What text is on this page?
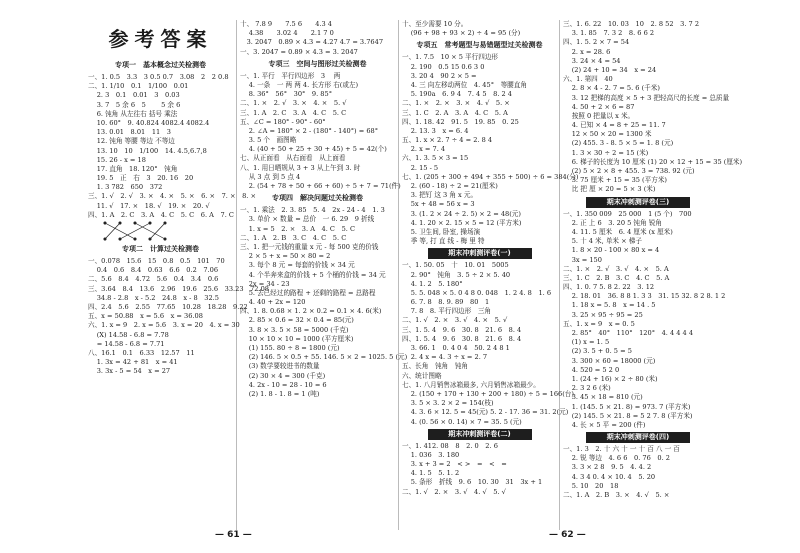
参考答案
专项一　基本概念过关检测卷
一、1. 0.5　3.3　3 0.5 0.7　3.08　2　2 0.8
二、1. 1/10　0.1　1/100　0.01
　 2. 3　0.1　0.01　3　0.03
　 3. 7　5 余 6　5 　　5 余 6
　 6. 钝角 从左往右 括号 乘法
　 10. 60°　9. 40.824 4082.4 4082.4
　 13. 0.01　8.01　11　3
　 12. 钝角 等腰 等边 不等边
　 13. 10　10　1/100　14. 4.5,6.7,8
　 15. 26 - x = 18
　 17. 直角　18. 120°　钝角
　 19. 5　正　右　3　20. 16　20
　 1. 3 782　650　372
三、1. √　2. √　3. ×　4. ×　5. ×　6. ×　7. ×　8. ×
　 11. √　17. ×　18. √　19. ×　20. √
四、1. A　2. C　3. A　4. C　5. C　6. A　7. C
专项二　计算过关检测卷
一、0.078　15.6　15　0.8　0.5　101　70
　 0.4　0.6　8.4　0.63　6.6　0.2　7.06
二、5.6　8.4　4.72　5.6　0.4　3.4　0.6
三、3.64　8.4　13.6　2.96　19.6　25.6　33.23　72.08
　 34.8 - 2.8　x - 5.2　24.8　x - 8　32.5
四、2.4　5.6　2.55　77.65　10.28　18.28　9.22
五、x = 50.88　x = 5.6　x = 36.08
六、1. x = 9　2. x = 5.6　3. x = 20　4. x = 30
　 (X) 14.58 - 6.8 = 7.78
　 = 14.58 - 6.8 = 7.71
八、16.1　0.1　6.33　12.57　11
　 1. 3x = 42 + 81　x = 41
　 3. 3x - 5 = 54　x = 27
十、 7.8 9　　7.5 6　　4.3 4
　 4.38　　3.02 4　　2.1 7 0
　3. 2047　0.89 × 4.3 = 4.27 4.7 = 3.7647
一、3. 2047 = 0.89 × 4.3 = 3. 2047
专项三　空间与图形过关检测卷
一、1. 平行　平行四边形　3 　两
　 4. 一条　一 两 两 4. 长方形 右(或左)
　 8. 36°　56°　30°　9. 85°
二、1. ×　2. √　3. ×　4. ×　5. √
三、1. A　2. C　3. A　4. C　5. C
五、∠C = 180° - 90° - 60°
　 2. ∠A = 180° × 2 - (180° - 140°) = 68°
　 3. 5 个　画图略
　 4. (40 + 50 + 25 + 30 + 45) + 5 = 42(个)
七、从正面看　从右面看　从上面看
八、1. 用日晒规从 3 + 3 从上午到 3. 时
　 从 3 点 到 5 点 4
　 2. (54 + 78 + 50 + 66 + 60) ÷ 5 + 7 = 71(件)
专项四　解决问题过关检测卷
一、1. 乘法　2. 3. 85　5. 4　2x - 24 - 4　1. 3
　 3. 单价 × 数量 = 总价　一 6. 29　9 折线
　 1. x = 5　2. ×　3. A　4. C　5. C
二、1. A　2. B　3. C　4. C　5. C
三、1. 把一元钱的重量 x 元 - 每 500 克的价钱
　 2 × 5 + x = 50 × 80 = 2
　 3. 每个 8 元 = 每套的价钱 × 34 元
　 4. 个半奔来盒的价钱 + 5 个桶的价钱 = 34 元
　 2x = 34 - 23
　 5. 去已经过的路程 + 还剩的路程 = 总路程
　 4. 40 + 2x = 120
四、1. 8. 0.68 × 1. 2 × 0.2 = 0.1 × 4. 6(米)
　 2. 85 × 0.6 = 32 × 0.4 = 85(元)
　 3. 8 × 3. 5 × 58 = 5000 (千克)
　 10 × 10 × 10 = 1000 (平方厘米)
　 (1) 155. 80 ÷ 8 = 1800 (元)
　 (2) 146. 5 × 0.5 + 55. 146. 5 × 2 = 1025. 5 (元)
　 (3) 数学要较进书的数量
　 (2) 30 × 4 = 300 (千克)
　 4. 2x - 10 = 28 - 10 = 6
　 (2) 1. 8 - 1. 8 = 1 (吨)
十、至少需要 10 分。
　 (96 + 98 + 93 × 2) ÷ 4 = 95 (分)
专项五　常考题型与易错题型过关检测卷
一、1. 7.5　10 × 5 平行四边形
　 2. 190　0.5 15 0.6 3 0
　 3. 20 4　90 2 × 5 =
　 4. 三 向左移动两位　4. 45°　等腰直角
　 5. 190a　6. 9 4　7. 4 5　8. 2 4
二、1. ×　2. ×　3. ×　4. √　5. ×
三、1. C　2. A　3. A　4. C　5. A
四、1. 18. 42　91. 5　19. 85　0. 25
　 2. 13. 3　x = 6. 4
五、1. x × 2. 7 ÷ 4 = 2. 8 4
　 2. x = 7. 4
六、1. 3. 5 × 3 = 15
　 2. 15 - 5
七、1. (205 + 300 + 494 + 355 + 500) ÷ 6 = 384(分)
　 2. (60 - 18) ÷ 2 = 21(厘米)
　 3. 把钉 这 3 角 x 元。
　 5x + 48 = 56 x = 3
　 3. (1. 2 × 24 ÷ 2. 5) × 2 = 48(元)
　 4. 1. 20 × 2. 15 × 5 = 12 (平方米)
　 5. 卫生间, 卧室, 操场演
　 季 等, 打 直 线 - 梅 里 特
期末冲刺测评卷(一)
一、1. 50. 05　十　10. 01　5005
　 2. 90°　钝角　3. 5 ÷ 2 × 5. 40
　 4. 1. 2　5. 180°
　 5. 5. 048 × 5. 0 4 8 0. 048　1. 2 4. 8　1. 6
　 6. 7. 8　8. 9. 89　80　1
　 7. 8　8. 平行四边形　三角
二、1. √　2. ×　3. √　4. ×　5. √
三、1. 5. 4　9. 6　30. 8　21. 6　8. 4
四、1. 5. 4　9. 6　30. 8　21. 6　8. 4
　 3. 66. 1　0. 4 0 4　50. 2 4 8 1
　 2. 4 x = 4. 3 ÷ x = 2. 7
五、长角　钝角　钝角
六、统计图略
七、1. 八月销售冰箱最多, 六月销售冰箱最少。
　 2. (150 + 170 + 130 + 200 + 180) ÷ 5 = 166(台)
　 3. 5 × 3. 2 × 2 = 154(枝)
　 4. 3. 6 × 12. 5 = 45(元) 5. 2 - 17. 36 = 31. 2(元)
　 4. (0. 56 × 0. 14) × 7 = 35. 5 (元)
期末冲刺测评卷(二)
一、1. 412. 08　8　2. 0　2. 6
　 1. 036　3. 180
　 3. x + 3 = 2　< >　=　<　=
　 4. 1. 5　5. 1. 2
　 5. 条形　折线　9. 6　10. 30　31　3x + 1
二、1. √　2. ×　3. √　4. √　5. √
三、1. 6. 22　10. 03　10　2. 8 52　3. 7 2
　 3. 1. 85　7. 3 2　8. 6 6 2
四、1. 5. 2 × 7 = 54
　 2. x = 28. 6
　 3. 24 × 4 = 54
　 (2) 24 + 10 = 34　x = 24
六、1. 第四　40
　 2. 8 × 4 - 2. 7 = 5. 6 (千米)
　 3. 12 把梯的高度 × 5 + 3 把轻高尺的长度 = 总质量
　 4. 50 + 2 × 6 = 87
　 按照 0 把量以 x 米。
　 4. 已知 × 4 = 8 + 25 = 11. 7
　 12 × 50 × 20 = 1300 米
　 (2) 455. 3 - 8. 5 × 5 = 1. 8 (元)
　 1. 3 × 30 ÷ 2 = 15 (米)
　 6. 梯子的长度为 10 厘米 (1) 20 × 12 + 15 = 35 (厘米)
　 (2) 5 × 2 × 8 + 455. 3 = 738. 92 (元)
　 3. 75 厘米 + 15 = 35 (平方米)
　 比 把 厘 × 20 = 5 × 3 (米)
期末冲刺测评卷(三)
一、1. 350 009　25 000　1 (5 个)　700
　 2. 正 上 6　3. 20 5 钝角 锐角
　 4. 11. 5 厘米　6. 4 厘米 (x 厘米)
　 5. 十 4 米, 单米 × 梯子
　 1. 8 × 20 - 100 × 80 x = 4
　 3x = 150
二、1. ×　2. √　3. √　4. ×　5. A
三、1. C　2. B　3. C　4. C　5. A
四、1. 0. 7 5. 8 2. 22　3. 12
　 2. 18. 01　36. 8 8 1. 3 3　31. 15 32. 8 2 8. 1 2
　 1. 18 x = 5. 8　x = 14 . 5
　 3. 25 × 95 ÷ 95 = 25
五、1. x = 9　x = 0. 5
　 2. 85°　40°　110°　120°　4. 4 4 4 4
　 (1) x = 1. 5
　 (2) 3. 5 + 0. 5 = 5
　 3. 300 × 60 = 18000 (元)
　 4. 520 = 5 2 0
　 1. (24 + 16) × 2 ÷ 80 (米)
　 2. 3 2 6 (米)
　 3. 45 × 18 = 810 (元)
　 1. (145. 5 × 21. 8) = 973. 7 (平方米)
　 (2) 145. 5 × 21. 8 = 5 2 7. 8 (平方米)
　 4. 长 × 5 平 = 200 (件)
期末冲刺测评卷(四)
一、1. 3　2. 十 六 十 一 十 百 八 一 百
　 2. 锐 等边　4. 6 6　0. 76　0. 2
　 3. 3 × 2 8　9. 5　4. 4. 2
　 4. 3 4 0. 4 × 10. 4　5. 20
　 5. 10　20　18
二、1. A　2. B　3. ×　4. √　5. ×
— 61 —	— 62 —
